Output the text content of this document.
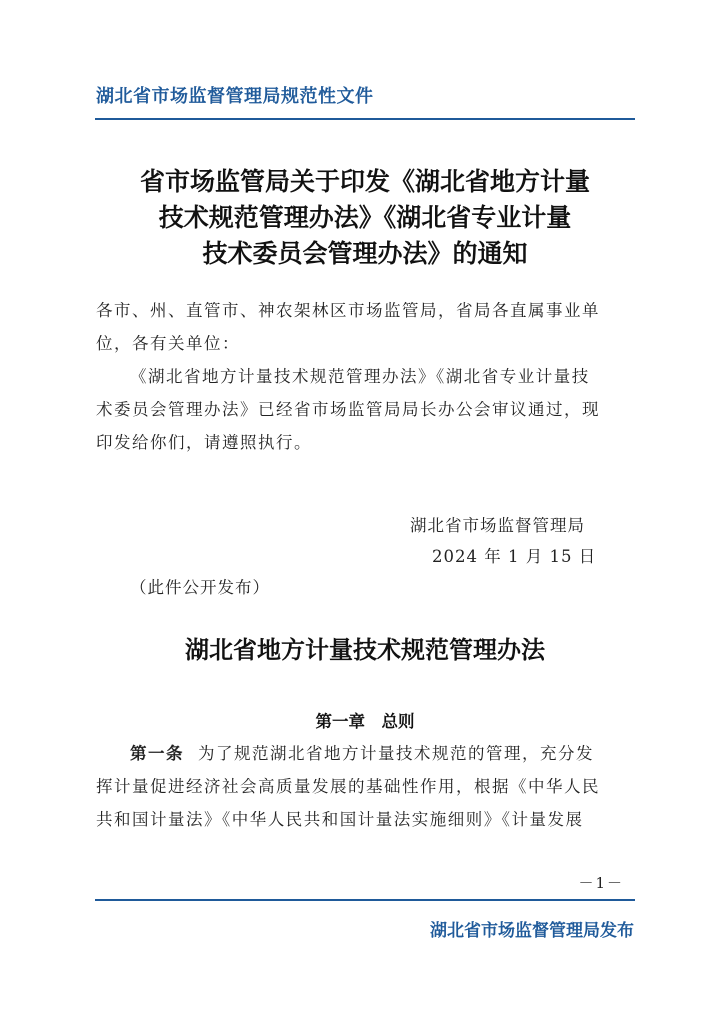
湖北省市场监督管理局规范性文件
省市场监管局关于印发《湖北省地方计量
技术规范管理办法》《湖北省专业计量
技术委员会管理办法》的通知
各市、州、直管市、神农架林区市场监管局，省局各直属事业单
位，各有关单位：
《湖北省地方计量技术规范管理办法》《湖北省专业计量技
术委员会管理办法》已经省市场监管局局长办公会审议通过，现
印发给你们，请遵照执行。
湖北省市场监督管理局
2024 年 1 月 15 日
（此件公开发布）
湖北省地方计量技术规范管理办法
第一章　总则
第一条 为了规范湖北省地方计量技术规范的管理，充分发
挥计量促进经济社会高质量发展的基础性作用，根据《中华人民
共和国计量法》《中华人民共和国计量法实施细则》《计量发展
－1－
湖北省市场监督管理局发布
